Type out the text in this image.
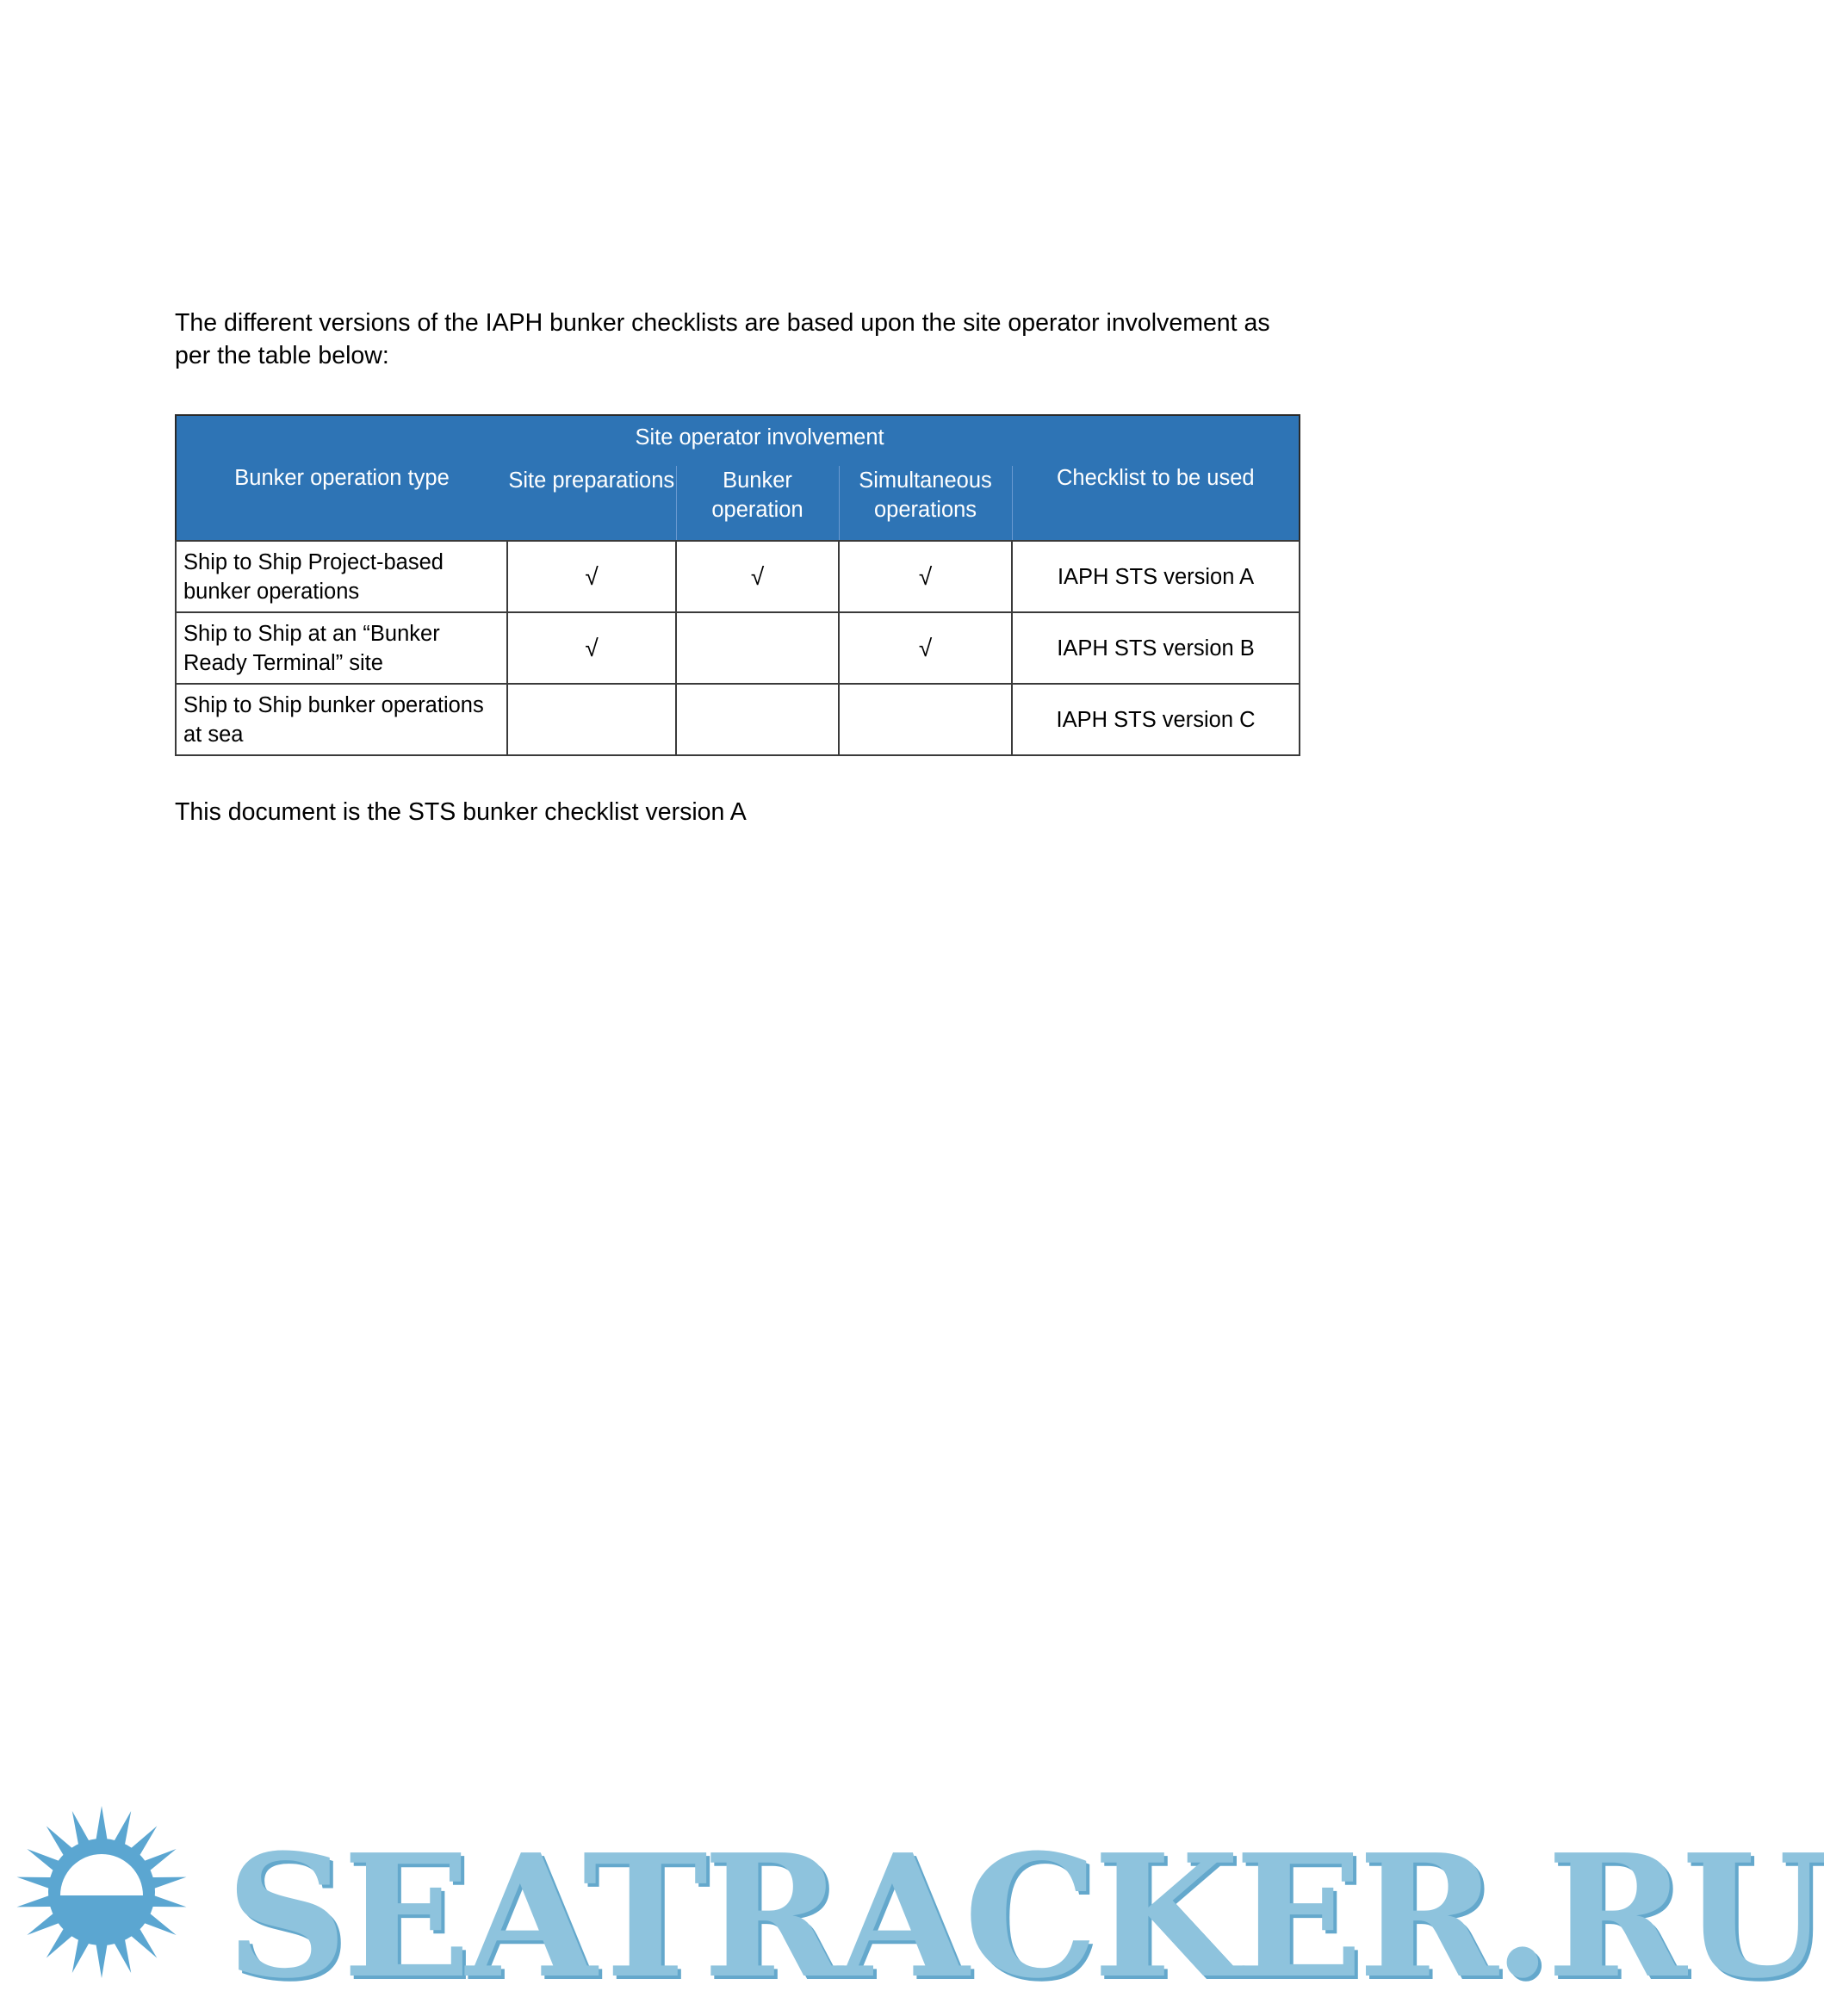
The different versions of the IAPH bunker checklists are based upon the site operator involvement as per the table below:

Bunker operation type	Site operator involvement			Checklist to be used
	Site preparations	Bunker operation	Simultaneous operations	
Ship to Ship Project-based bunker operations	√	√	√	IAPH STS version A
Ship to Ship at an “Bunker Ready Terminal” site	√		√	IAPH STS version B
Ship to Ship bunker operations at sea				IAPH STS version C

This document is the STS bunker checklist version A

SEATRACKER.RU
